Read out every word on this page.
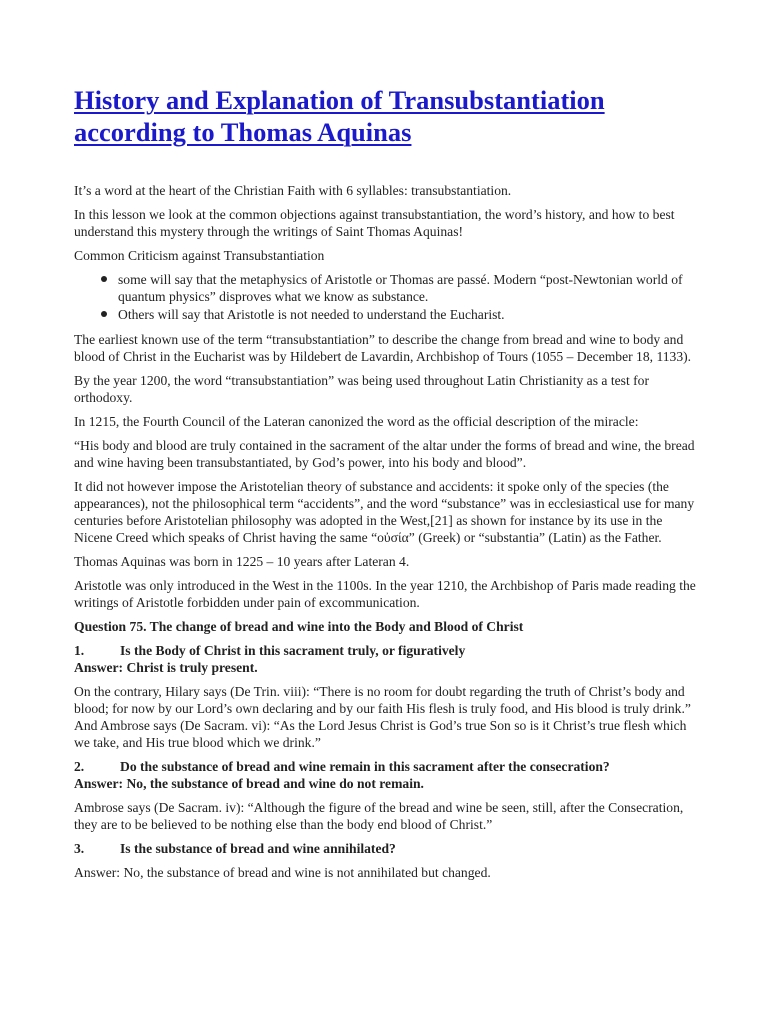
History and Explanation of Transubstantiation
according to Thomas Aquinas

It’s a word at the heart of the Christian Faith with 6 syllables: transubstantiation.

In this lesson we look at the common objections against transubstantiation, the word’s history, and how to best understand this mystery through the writings of Saint Thomas Aquinas!

Common Criticism against Transubstantiation

some will say that the metaphysics of Aristotle or Thomas are passé. Modern “post-Newtonian world of quantum physics” disproves what we know as substance.
Others will say that Aristotle is not needed to understand the Eucharist.

The earliest known use of the term “transubstantiation” to describe the change from bread and wine to body and blood of Christ in the Eucharist was by Hildebert de Lavardin, Archbishop of Tours (1055 – December 18, 1133).

By the year 1200, the word “transubstantiation” was being used throughout Latin Christianity as a test for orthodoxy.

In 1215, the Fourth Council of the Lateran canonized the word as the official description of the miracle:

“His body and blood are truly contained in the sacrament of the altar under the forms of bread and wine, the bread and wine having been transubstantiated, by God’s power, into his body and blood”.

It did not however impose the Aristotelian theory of substance and accidents: it spoke only of the species (the appearances), not the philosophical term “accidents”, and the word “substance” was in ecclesiastical use for many centuries before Aristotelian philosophy was adopted in the West,[21] as shown for instance by its use in the Nicene Creed which speaks of Christ having the same “οὐσία” (Greek) or “substantia” (Latin) as the Father.

Thomas Aquinas was born in 1225 – 10 years after Lateran 4.

Aristotle was only introduced in the West in the 1100s. In the year 1210, the Archbishop of Paris made reading the writings of Aristotle forbidden under pain of excommunication.

Question 75. The change of bread and wine into the Body and Blood of Christ

1.	Is the Body of Christ in this sacrament truly, or figuratively
Answer: Christ is truly present.

On the contrary, Hilary says (De Trin. viii): “There is no room for doubt regarding the truth of Christ’s body and blood; for now by our Lord’s own declaring and by our faith His flesh is truly food, and His blood is truly drink.” And Ambrose says (De Sacram. vi): “As the Lord Jesus Christ is God’s true Son so is it Christ’s true flesh which we take, and His true blood which we drink.”

2.	Do the substance of bread and wine remain in this sacrament after the consecration?
Answer: No, the substance of bread and wine do not remain.

Ambrose says (De Sacram. iv): “Although the figure of the bread and wine be seen, still, after the Consecration, they are to be believed to be nothing else than the body end blood of Christ.”

3.	Is the substance of bread and wine annihilated?

Answer: No, the substance of bread and wine is not annihilated but changed.
